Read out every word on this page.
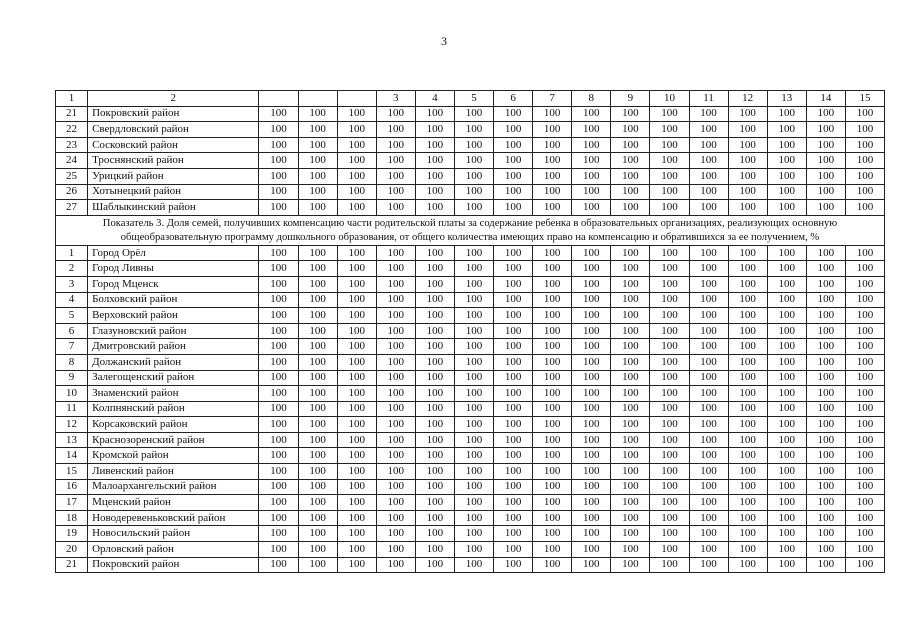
3
1	2				3	4	5	6	7	8	9	10	11	12	13	14	15
21	Покровский район	100	100	100	100	100	100	100	100	100	100	100	100	100	100	100	100
22	Свердловский район	100	100	100	100	100	100	100	100	100	100	100	100	100	100	100	100
23	Сосковский район	100	100	100	100	100	100	100	100	100	100	100	100	100	100	100	100
24	Троснянский район	100	100	100	100	100	100	100	100	100	100	100	100	100	100	100	100
25	Урицкий район	100	100	100	100	100	100	100	100	100	100	100	100	100	100	100	100
26	Хотынецкий район	100	100	100	100	100	100	100	100	100	100	100	100	100	100	100	100
27	Шаблыкинский район	100	100	100	100	100	100	100	100	100	100	100	100	100	100	100	100
Показатель 3. Доля семей, получивших компенсацию части родительской платы за содержание ребенка в образовательных организациях, реализующих основную общеобразовательную программу дошкольного образования, от общего количества имеющих право на компенсацию и обратившихся за ее получением, %																	
1	Город Орёл	100	100	100	100	100	100	100	100	100	100	100	100	100	100	100	100
2	Город Ливны	100	100	100	100	100	100	100	100	100	100	100	100	100	100	100	100
3	Город Мценск	100	100	100	100	100	100	100	100	100	100	100	100	100	100	100	100
4	Болховский район	100	100	100	100	100	100	100	100	100	100	100	100	100	100	100	100
5	Верховский район	100	100	100	100	100	100	100	100	100	100	100	100	100	100	100	100
6	Глазуновский район	100	100	100	100	100	100	100	100	100	100	100	100	100	100	100	100
7	Дмитровский район	100	100	100	100	100	100	100	100	100	100	100	100	100	100	100	100
8	Должанский район	100	100	100	100	100	100	100	100	100	100	100	100	100	100	100	100
9	Залегощенский район	100	100	100	100	100	100	100	100	100	100	100	100	100	100	100	100
10	Знаменский район	100	100	100	100	100	100	100	100	100	100	100	100	100	100	100	100
11	Колпнянский район	100	100	100	100	100	100	100	100	100	100	100	100	100	100	100	100
12	Корсаковский район	100	100	100	100	100	100	100	100	100	100	100	100	100	100	100	100
13	Краснозоренский район	100	100	100	100	100	100	100	100	100	100	100	100	100	100	100	100
14	Кромской район	100	100	100	100	100	100	100	100	100	100	100	100	100	100	100	100
15	Ливенский район	100	100	100	100	100	100	100	100	100	100	100	100	100	100	100	100
16	Малоархангельский район	100	100	100	100	100	100	100	100	100	100	100	100	100	100	100	100
17	Мценский район	100	100	100	100	100	100	100	100	100	100	100	100	100	100	100	100
18	Новодеревеньковский район	100	100	100	100	100	100	100	100	100	100	100	100	100	100	100	100
19	Новосильский район	100	100	100	100	100	100	100	100	100	100	100	100	100	100	100	100
20	Орловский район	100	100	100	100	100	100	100	100	100	100	100	100	100	100	100	100
21	Покровский район	100	100	100	100	100	100	100	100	100	100	100	100	100	100	100	100
